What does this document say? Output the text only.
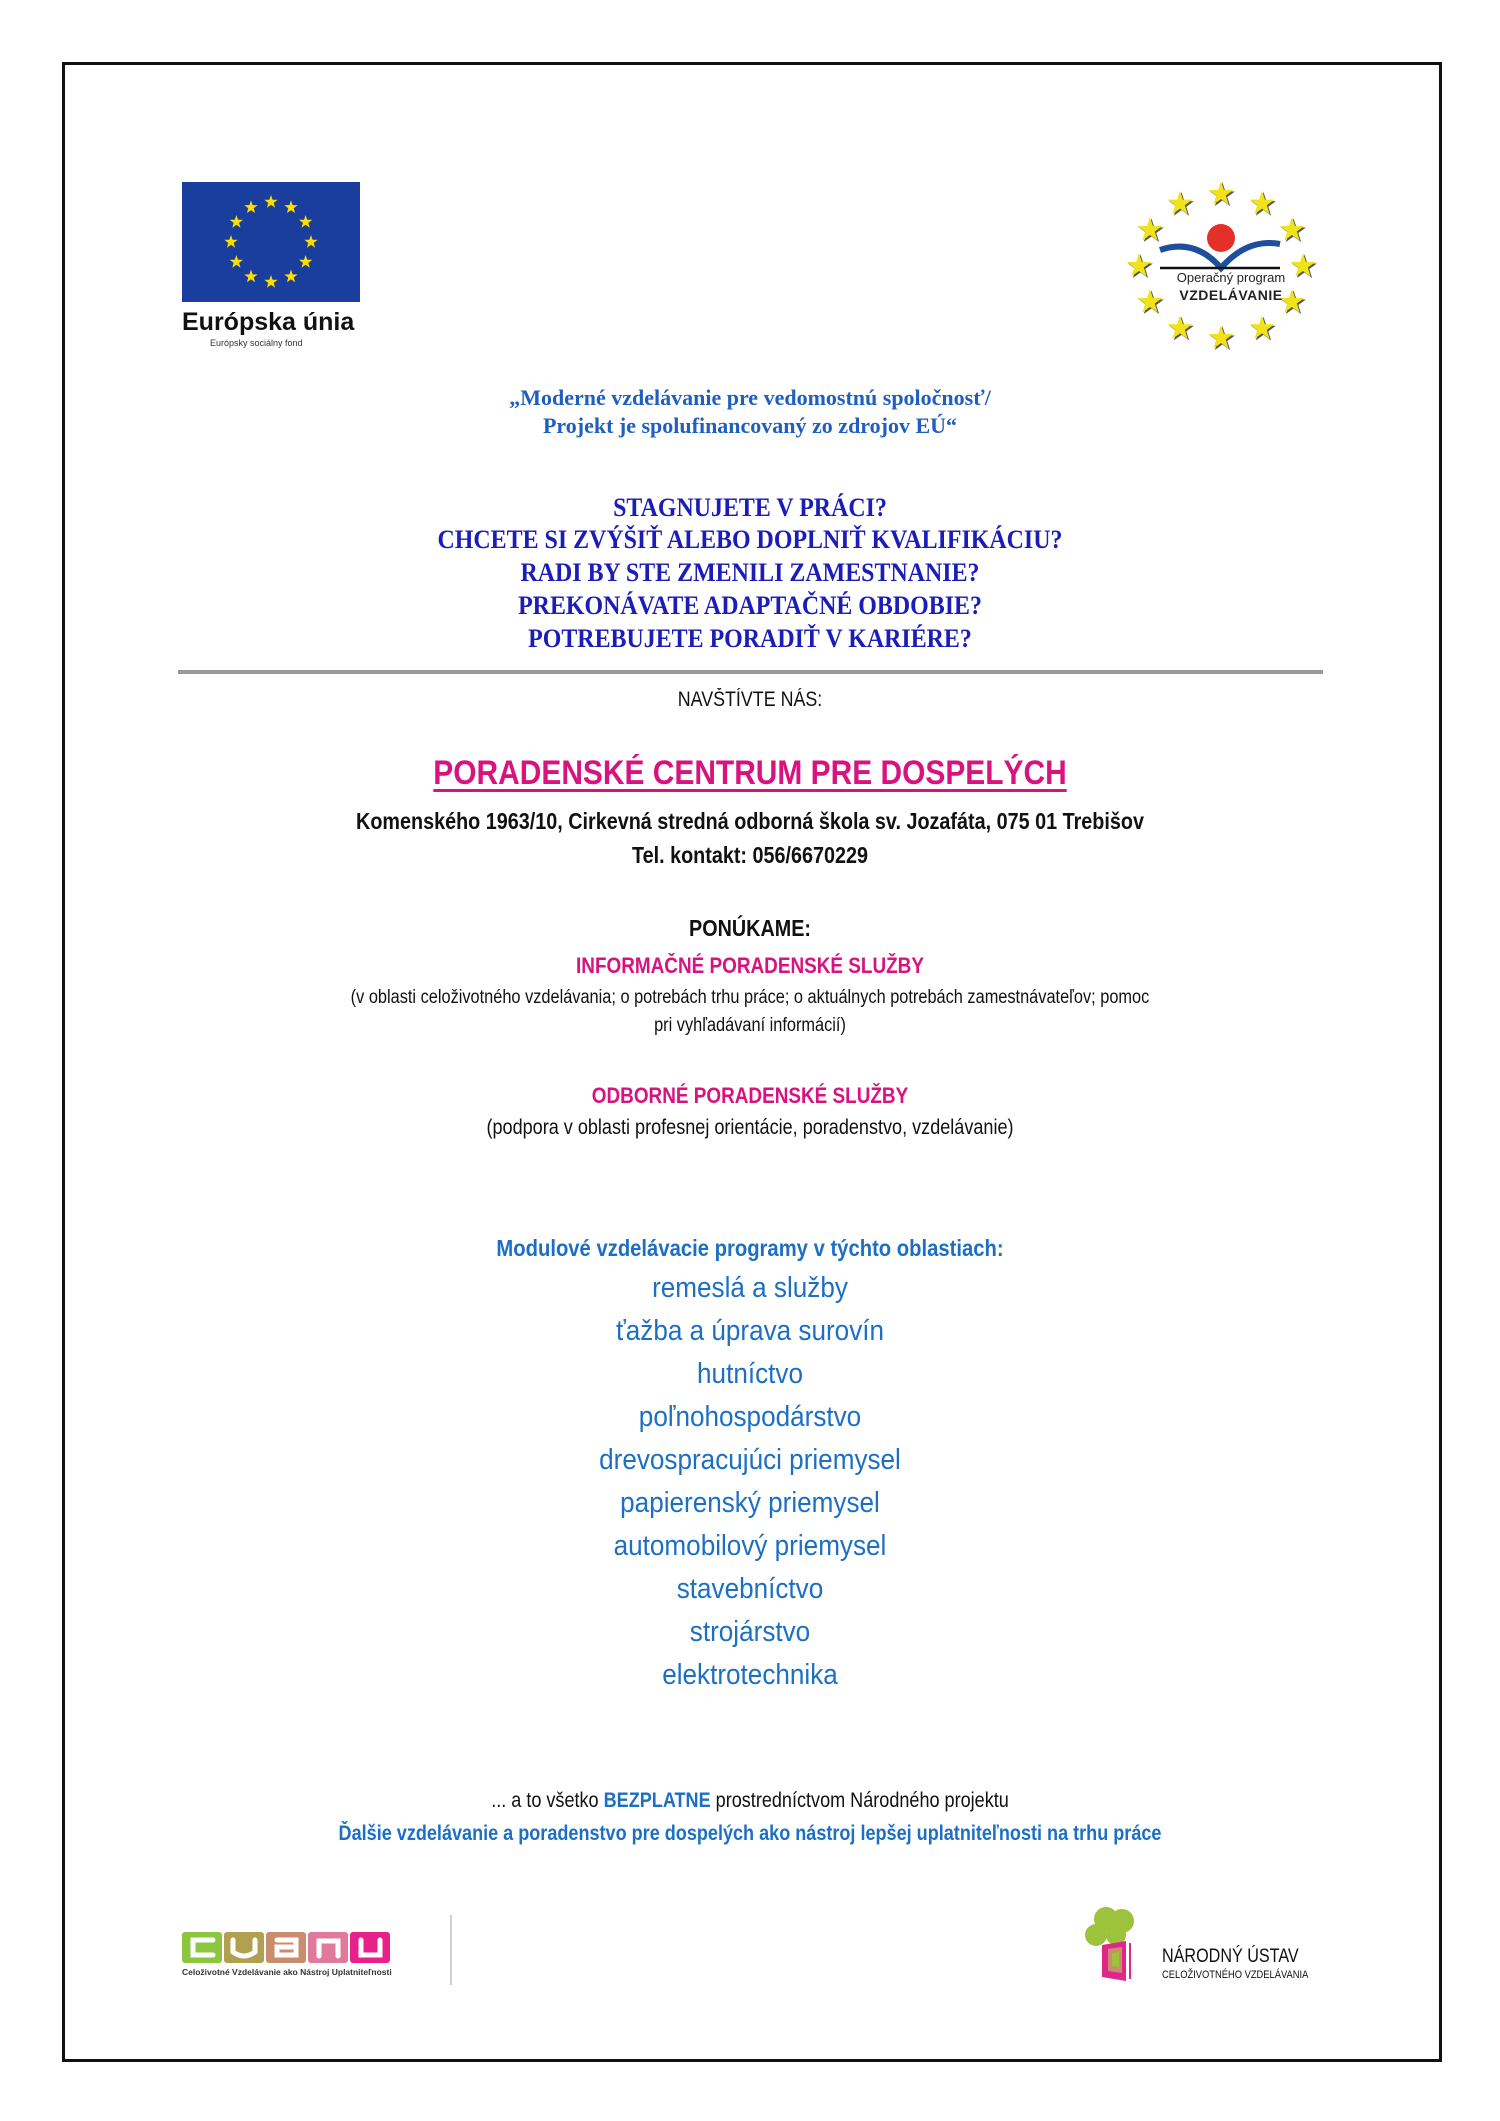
Európska únia
Európsky sociálny fond
Operačný program
VZDELÁVANIE
„Moderné vzdelávanie pre vedomostnú spoločnosť/
Projekt je spolufinancovaný zo zdrojov EÚ“
STAGNUJETE V PRÁCI?
CHCETE SI ZVÝŠIŤ ALEBO DOPLNIŤ KVALIFIKÁCIU?
RADI BY STE ZMENILI ZAMESTNANIE?
PREKONÁVATE ADAPTAČNÉ OBDOBIE?
POTREBUJETE PORADIŤ V KARIÉRE?
NAVŠTÍVTE NÁS:
PORADENSKÉ CENTRUM PRE DOSPELÝCH
Komenského 1963/10, Cirkevná stredná odborná škola sv. Jozafáta, 075 01 Trebišov
Tel. kontakt: 056/6670229
PONÚKAME:
INFORMAČNÉ PORADENSKÉ SLUŽBY
(v oblasti celoživotného vzdelávania; o potrebách trhu práce; o aktuálnych potrebách zamestnávateľov; pomoc
pri vyhľadávaní informácií)
ODBORNÉ PORADENSKÉ SLUŽBY
(podpora v oblasti profesnej orientácie, poradenstvo, vzdelávanie)
Modulové vzdelávacie programy v týchto oblastiach:
remeslá a služby
ťažba a úprava surovín
hutníctvo
poľnohospodárstvo
drevospracujúci priemysel
papierenský priemysel
automobilový priemysel
stavebníctvo
strojárstvo
elektrotechnika
... a to všetko BEZPLATNE prostredníctvom Národného projektu
Ďalšie vzdelávanie a poradenstvo pre dospelých ako nástroj lepšej uplatniteľnosti na trhu práce
Celoživotné Vzdelávanie ako Nástroj Uplatniteľnosti
NÁRODNÝ ÚSTAV
CELOŽIVOTNÉHO VZDELÁVANIA
